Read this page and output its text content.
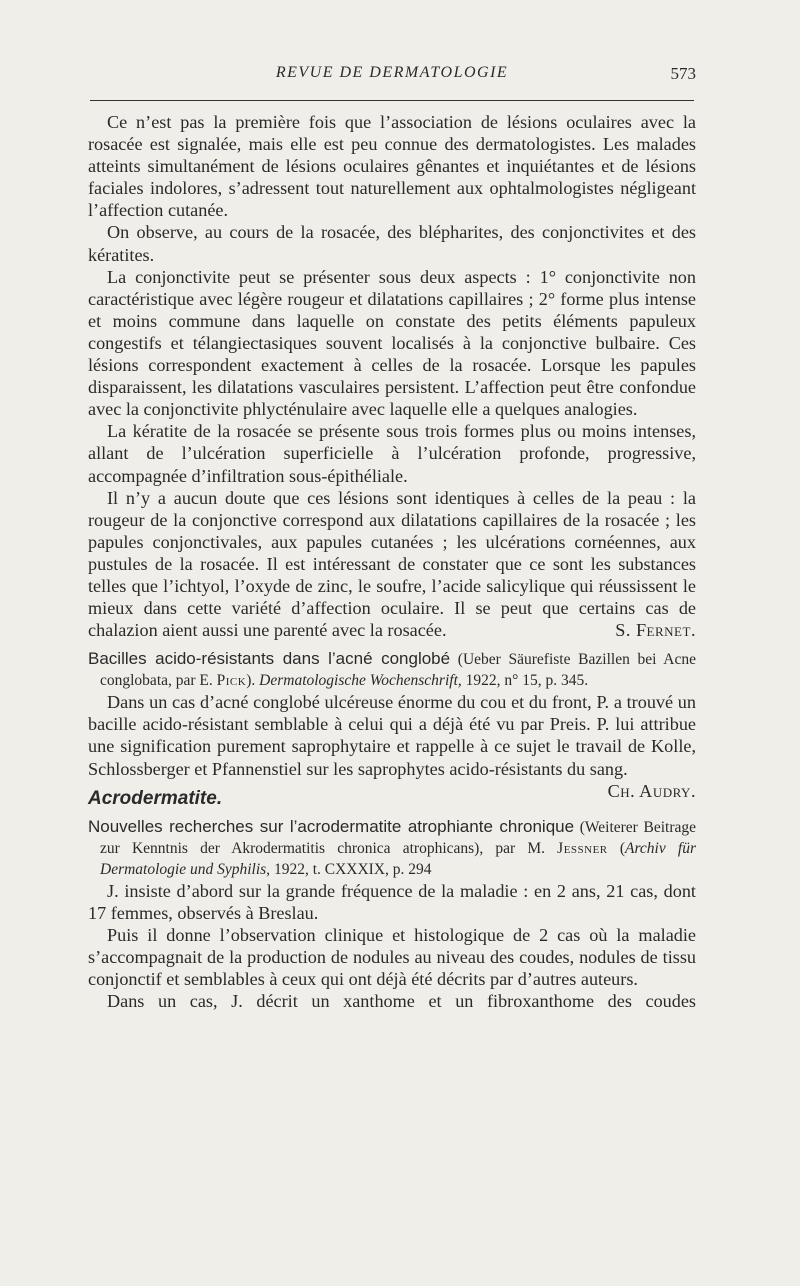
REVUE DE DERMATOLOGIE	573

Ce n’est pas la première fois que l’association de lésions oculaires avec la rosacée est signalée, mais elle est peu connue des dermatologistes. Les malades atteints simultanément de lésions oculaires gênantes et inquiétantes et de lésions faciales indolores, s’adressent tout naturellement aux ophtalmologistes négligeant l’affection cutanée.

On observe, au cours de la rosacée, des blépharites, des conjonctivites et des kératites.

La conjonctivite peut se présenter sous deux aspects : 1° conjonctivite non caractéristique avec légère rougeur et dilatations capillaires ; 2° forme plus intense et moins commune dans laquelle on constate des petits éléments papuleux congestifs et télangiectasiques souvent localisés à la conjonctive bulbaire. Ces lésions correspondent exactement à celles de la rosacée. Lorsque les papules disparaissent, les dilatations vasculaires persistent. L’affection peut être confondue avec la conjonctivite phlycténulaire avec laquelle elle a quelques analogies.

La kératite de la rosacée se présente sous trois formes plus ou moins intenses, allant de l’ulcération superficielle à l’ulcération profonde, progressive, accompagnée d’infiltration sous-épithéliale.

Il n’y a aucun doute que ces lésions sont identiques à celles de la peau : la rougeur de la conjonctive correspond aux dilatations capillaires de la rosacée ; les papules conjonctivales, aux papules cutanées ; les ulcérations cornéennes, aux pustules de la rosacée. Il est intéressant de constater que ce sont les substances telles que l’ichtyol, l’oxyde de zinc, le soufre, l’acide salicylique qui réussissent le mieux dans cette variété d’affection oculaire. Il se peut que certains cas de chalazion aient aussi une parenté avec la rosacée.	S. Fernet.

Bacilles acido-résistants dans l’acné conglobé (Ueber Säurefiste Bazillen bei Acne conglobata, par E. Pick). Dermatologische Wochenschrift, 1922, n° 15, p. 345.

Dans un cas d’acné conglobé ulcéreuse énorme du cou et du front, P. a trouvé un bacille acido-résistant semblable à celui qui a déjà été vu par Preis. P. lui attribue une signification purement saprophytaire et rappelle à ce sujet le travail de Kolle, Schlossberger et Pfannenstiel sur les saprophytes acido-résistants du sang.
Ch. Audry.

Acrodermatite.

Nouvelles recherches sur l’acrodermatite atrophiante chronique (Weiterer Beitrage zur Kenntnis der Akrodermatitis chronica atrophicans), par M. Jessner (Archiv für Dermatologie und Syphilis, 1922, t. CXXXIX, p. 294

J. insiste d’abord sur la grande fréquence de la maladie : en 2 ans, 21 cas, dont 17 femmes, observés à Breslau.

Puis il donne l’observation clinique et histologique de 2 cas où la maladie s’accompagnait de la production de nodules au niveau des coudes, nodules de tissu conjonctif et semblables à ceux qui ont déjà été décrits par d’autres auteurs.

Dans un cas, J. décrit un xanthome et un fibroxanthome des coudes
